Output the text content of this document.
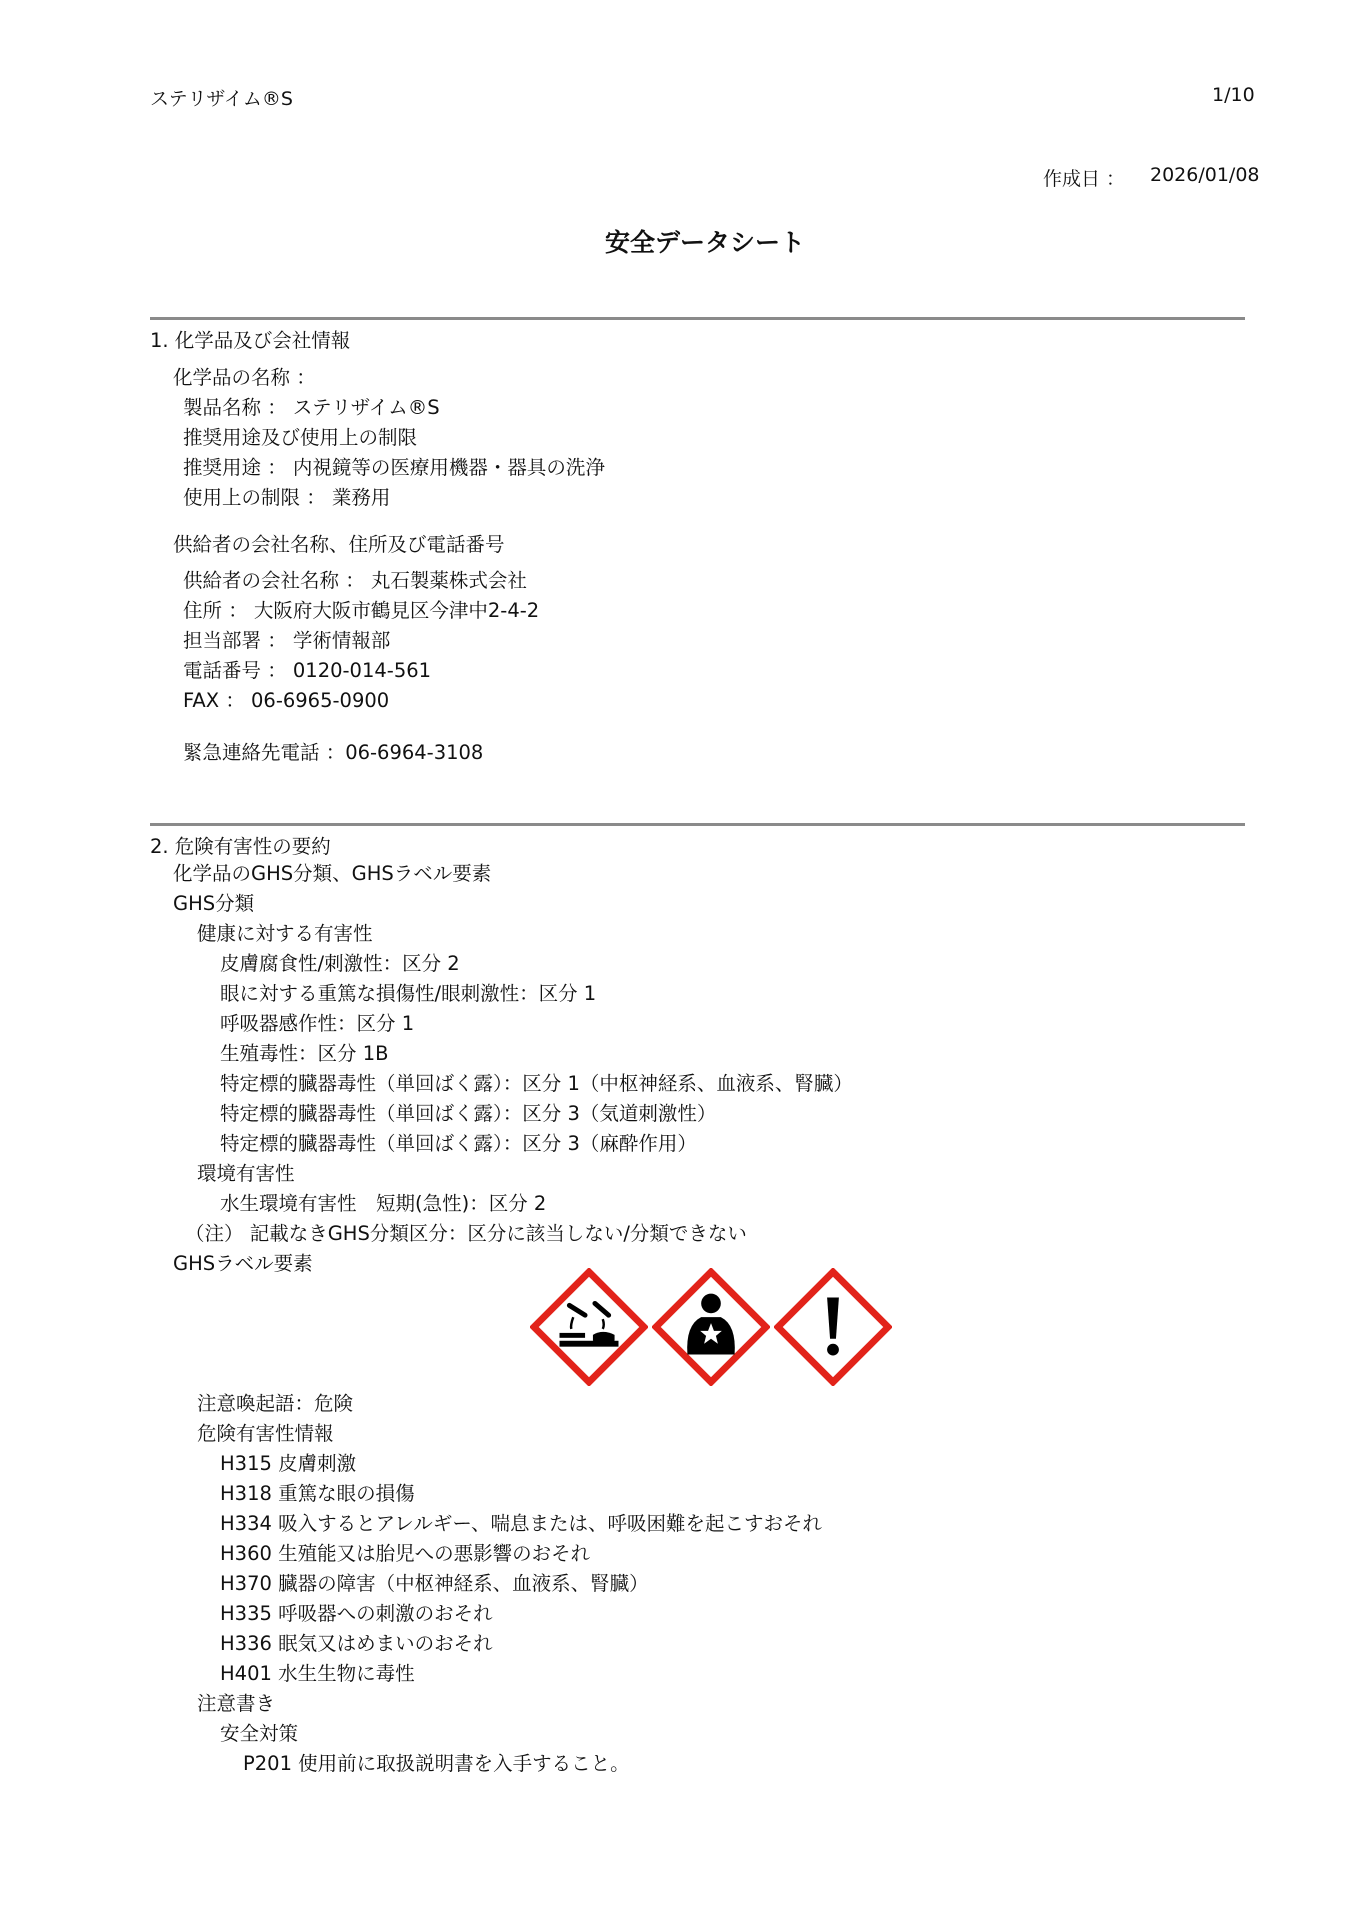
ステリザイム®S	1/10
作成日 ： 2026/01/08
安全データシート
1. 化学品及び会社情報
化学品の名称 ：
製品名称 ： ステリザイム®S
推奨用途及び使用上の制限
推奨用途 ： 内視鏡等の医療用機器・器具の洗浄
使用上の制限 ： 業務用
供給者の会社名称、住所及び電話番号
供給者の会社名称 ： 丸石製薬株式会社
住所 ： 大阪府大阪市鶴見区今津中2-4-2
担当部署 ： 学術情報部
電話番号 ： 0120-014-561
FAX ： 06-6965-0900
緊急連絡先電話 ：06-6964-3108
2. 危険有害性の要約
化学品のGHS分類、GHSラベル要素
GHS分類
健康に対する有害性
皮膚腐食性/刺激性：区分 2
眼に対する重篤な損傷性/眼刺激性：区分 1
呼吸器感作性：区分 1
生殖毒性：区分 1B
特定標的臓器毒性（単回ばく露）：区分 1（中枢神経系、血液系、腎臓）
特定標的臓器毒性（単回ばく露）：区分 3（気道刺激性）
特定標的臓器毒性（単回ばく露）：区分 3（麻酔作用）
環境有害性
水生環境有害性　短期(急性)：区分 2
（注） 記載なきGHS分類区分：区分に該当しない/分類できない
GHSラベル要素
注意喚起語：危険
危険有害性情報
H315 皮膚刺激
H318 重篤な眼の損傷
H334 吸入するとアレルギー、喘息または、呼吸困難を起こすおそれ
H360 生殖能又は胎児への悪影響のおそれ
H370 臓器の障害（中枢神経系、血液系、腎臓）
H335 呼吸器への刺激のおそれ
H336 眠気又はめまいのおそれ
H401 水生生物に毒性
注意書き
安全対策
P201 使用前に取扱説明書を入手すること。
